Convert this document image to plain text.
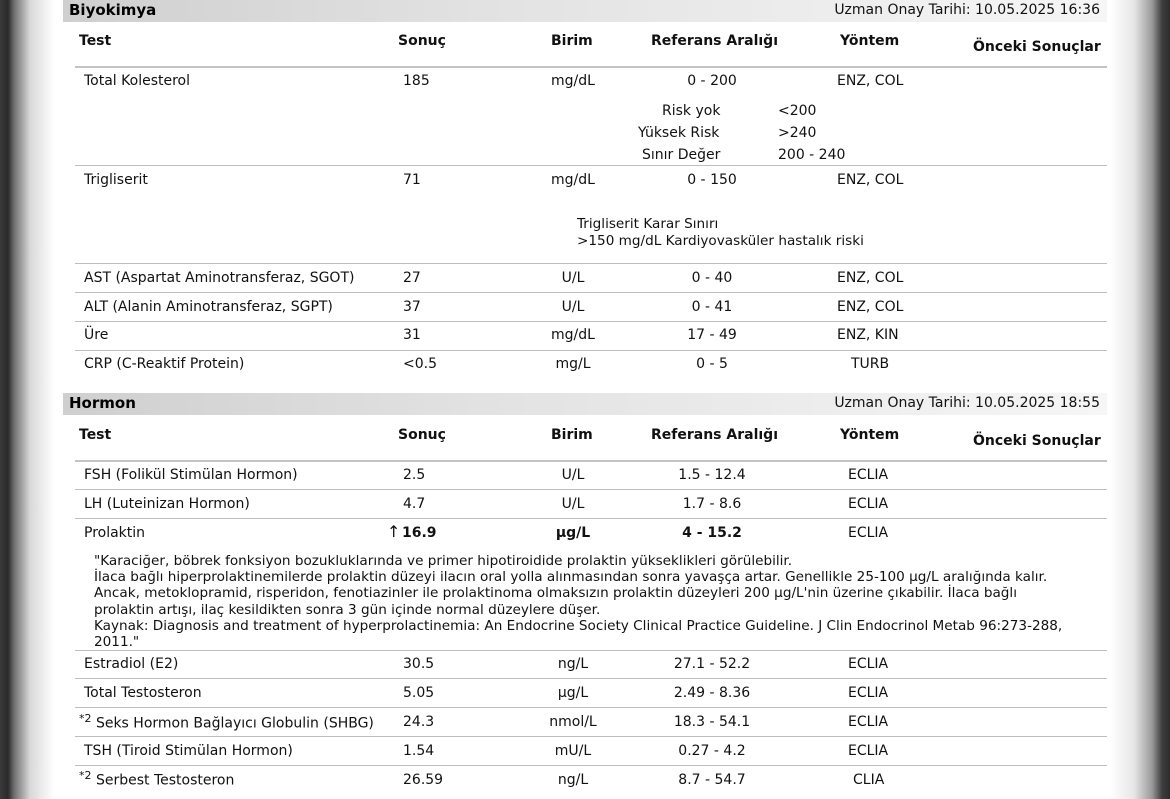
Biyokimya	Uzman Onay Tarihi: 10.05.2025 16:36
Test	Sonuç	Birim	Referans Aralığı	Yöntem	Önceki Sonuçlar
Total Kolesterol	185	mg/dL	0 - 200	ENZ, COL
Risk yok	<200
Yüksek Risk	>240
Sınır Değer	200 - 240
Trigliserit	71	mg/dL	0 - 150	ENZ, COL
Trigliserit Karar Sınırı
>150 mg/dL Kardiyovasküler hastalık riski
AST (Aspartat Aminotransferaz, SGOT)	27	U/L	0 - 40	ENZ, COL
ALT (Alanin Aminotransferaz, SGPT)	37	U/L	0 - 41	ENZ, COL
Üre	31	mg/dL	17 - 49	ENZ, KIN
CRP (C-Reaktif Protein)	<0.5	mg/L	0 - 5	TURB
Hormon	Uzman Onay Tarihi: 10.05.2025 18:55
Test	Sonuç	Birim	Referans Aralığı	Yöntem	Önceki Sonuçlar
FSH (Folikül Stimülan Hormon)	2.5	U/L	1.5 - 12.4	ECLIA
LH (Luteinizan Hormon)	4.7	U/L	1.7 - 8.6	ECLIA
Prolaktin	↑ 16.9	µg/L	4 - 15.2	ECLIA
"Karaciğer, böbrek fonksiyon bozukluklarında ve primer hipotiroidide prolaktin yükseklikleri görülebilir.
İlaca bağlı hiperprolaktinemilerde prolaktin düzeyi ilacın oral yolla alınmasından sonra yavaşça artar. Genellikle 25-100 µg/L aralığında kalır.
Ancak, metoklopramid, risperidon, fenotiazinler ile prolaktinoma olmaksızın prolaktin düzeyleri 200 µg/L'nin üzerine çıkabilir. İlaca bağlı
prolaktin artışı, ilaç kesildikten sonra 3 gün içinde normal düzeylere düşer.
Kaynak: Diagnosis and treatment of hyperprolactinemia: An Endocrine Society Clinical Practice Guideline. J Clin Endocrinol Metab 96:273-288,
2011."
Estradiol (E2)	30.5	ng/L	27.1 - 52.2	ECLIA
Total Testosteron	5.05	µg/L	2.49 - 8.36	ECLIA
$^{*2}$ Seks Hormon Bağlayıcı Globulin (SHBG) 24.3	nmol/L	18.3 - 54.1	ECLIA
TSH (Tiroid Stimülan Hormon)	1.54	mU/L	0.27 - 4.2	ECLIA
$^{*2}$ Serbest Testosteron	26.59	ng/L	8.7 - 54.7	CLIA
